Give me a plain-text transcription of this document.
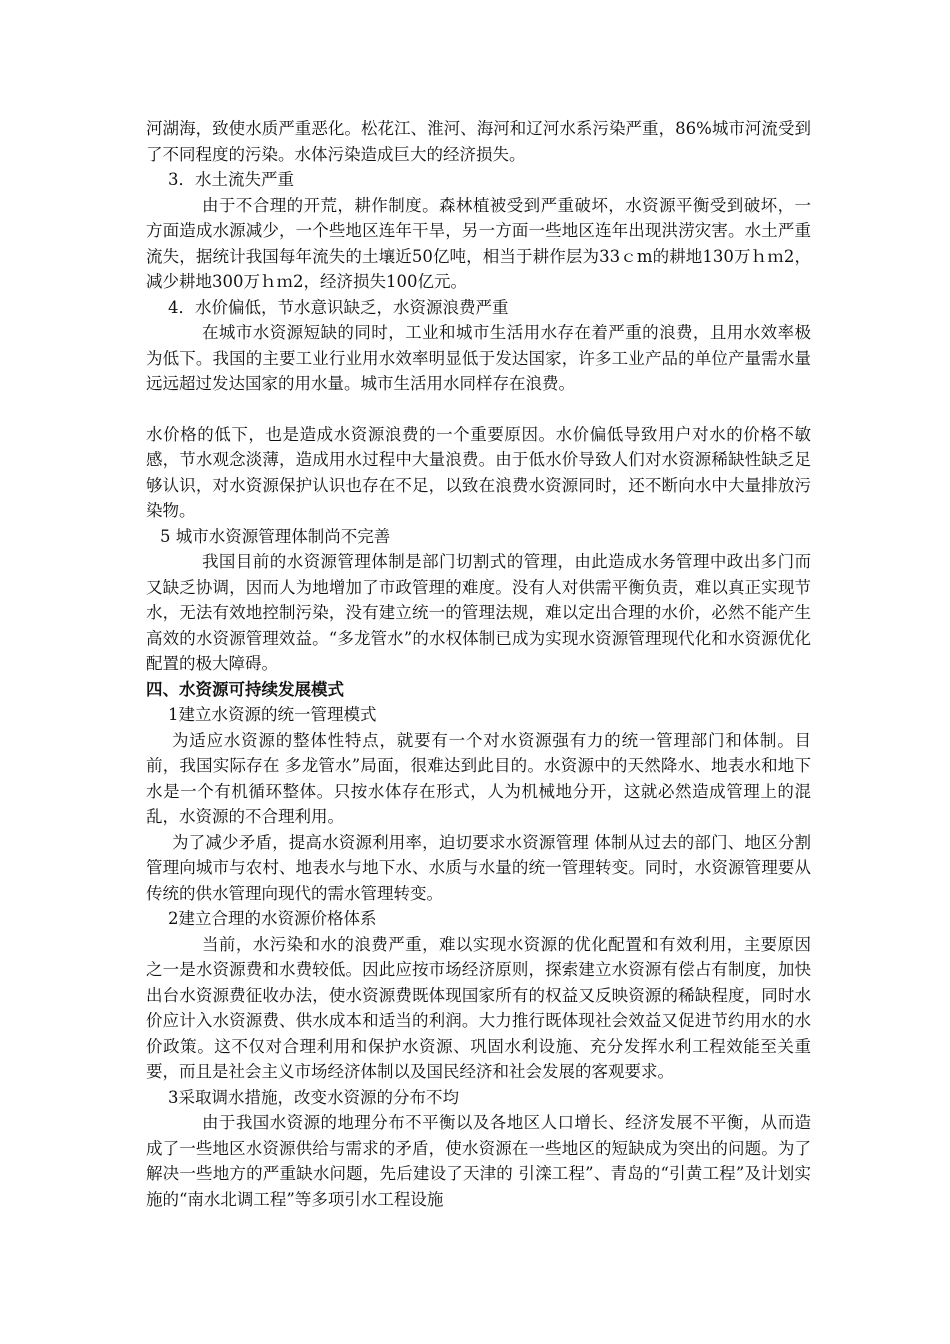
河湖海，致使水质严重恶化。松花江、淮河、海河和辽河水系污染严重，86%城市河流受到了不同程度的污染。水体污染造成巨大的经济损失。

3．水土流失严重

由于不合理的开荒，耕作制度。森林植被受到严重破坏，水资源平衡受到破坏，一方面造成水源减少，一个些地区连年干旱，另一方面一些地区连年出现洪涝灾害。水土严重流失，据统计我国每年流失的土壤近50亿吨，相当于耕作层为33ｃm的耕地130万ｈｍ2，减少耕地300万ｈｍ2，经济损失100亿元。

4．水价偏低，节水意识缺乏，水资源浪费严重

在城市水资源短缺的同时，工业和城市生活用水存在着严重的浪费，且用水效率极为低下。我国的主要工业行业用水效率明显低于发达国家，许多工业产品的单位产量需水量远远超过发达国家的用水量。城市生活用水同样存在浪费。

水价格的低下，也是造成水资源浪费的一个重要原因。水价偏低导致用户对水的价格不敏感，节水观念淡薄，造成用水过程中大量浪费。由于低水价导致人们对水资源稀缺性缺乏足够认识，对水资源保护认识也存在不足，以致在浪费水资源同时，还不断向水中大量排放污染物。

5 城市水资源管理体制尚不完善

我国目前的水资源管理体制是部门切割式的管理，由此造成水务管理中政出多门而又缺乏协调，因而人为地增加了市政管理的难度。没有人对供需平衡负责，难以真正实现节水，无法有效地控制污染，没有建立统一的管理法规，难以定出合理的水价，必然不能产生高效的水资源管理效益。“多龙管水”的水权体制已成为实现水资源管理现代化和水资源优化配置的极大障碍。

四、水资源可持续发展模式

1建立水资源的统一管理模式

为适应水资源的整体性特点，就要有一个对水资源强有力的统一管理部门和体制。目前，我国实际存在 多龙管水”局面，很难达到此目的。水资源中的天然降水、地表水和地下水是一个有机循环整体。只按水体存在形式，人为机械地分开，这就必然造成管理上的混乱，水资源的不合理利用。

为了减少矛盾，提高水资源利用率，迫切要求水资源管理 体制从过去的部门、地区分割管理向城市与农村、地表水与地下水、水质与水量的统一管理转变。同时，水资源管理要从传统的供水管理向现代的需水管理转变。

2建立合理的水资源价格体系

当前，水污染和水的浪费严重，难以实现水资源的优化配置和有效利用，主要原因之一是水资源费和水费较低。因此应按市场经济原则，探索建立水资源有偿占有制度，加快出台水资源费征收办法，使水资源费既体现国家所有的权益又反映资源的稀缺程度，同时水价应计入水资源费、供水成本和适当的利润。大力推行既体现社会效益又促进节约用水的水价政策。这不仅对合理利用和保护水资源、巩固水利设施、充分发挥水利工程效能至关重要，而且是社会主义市场经济体制以及国民经济和社会发展的客观要求。

3采取调水措施，改变水资源的分布不均

由于我国水资源的地理分布不平衡以及各地区人口增长、经济发展不平衡，从而造成了一些地区水资源供给与需求的矛盾，使水资源在一些地区的短缺成为突出的问题。为了解决一些地方的严重缺水问题，先后建设了天津的 引滦工程”、青岛的“引黄工程”及计划实施的“南水北调工程”等多项引水工程设施
